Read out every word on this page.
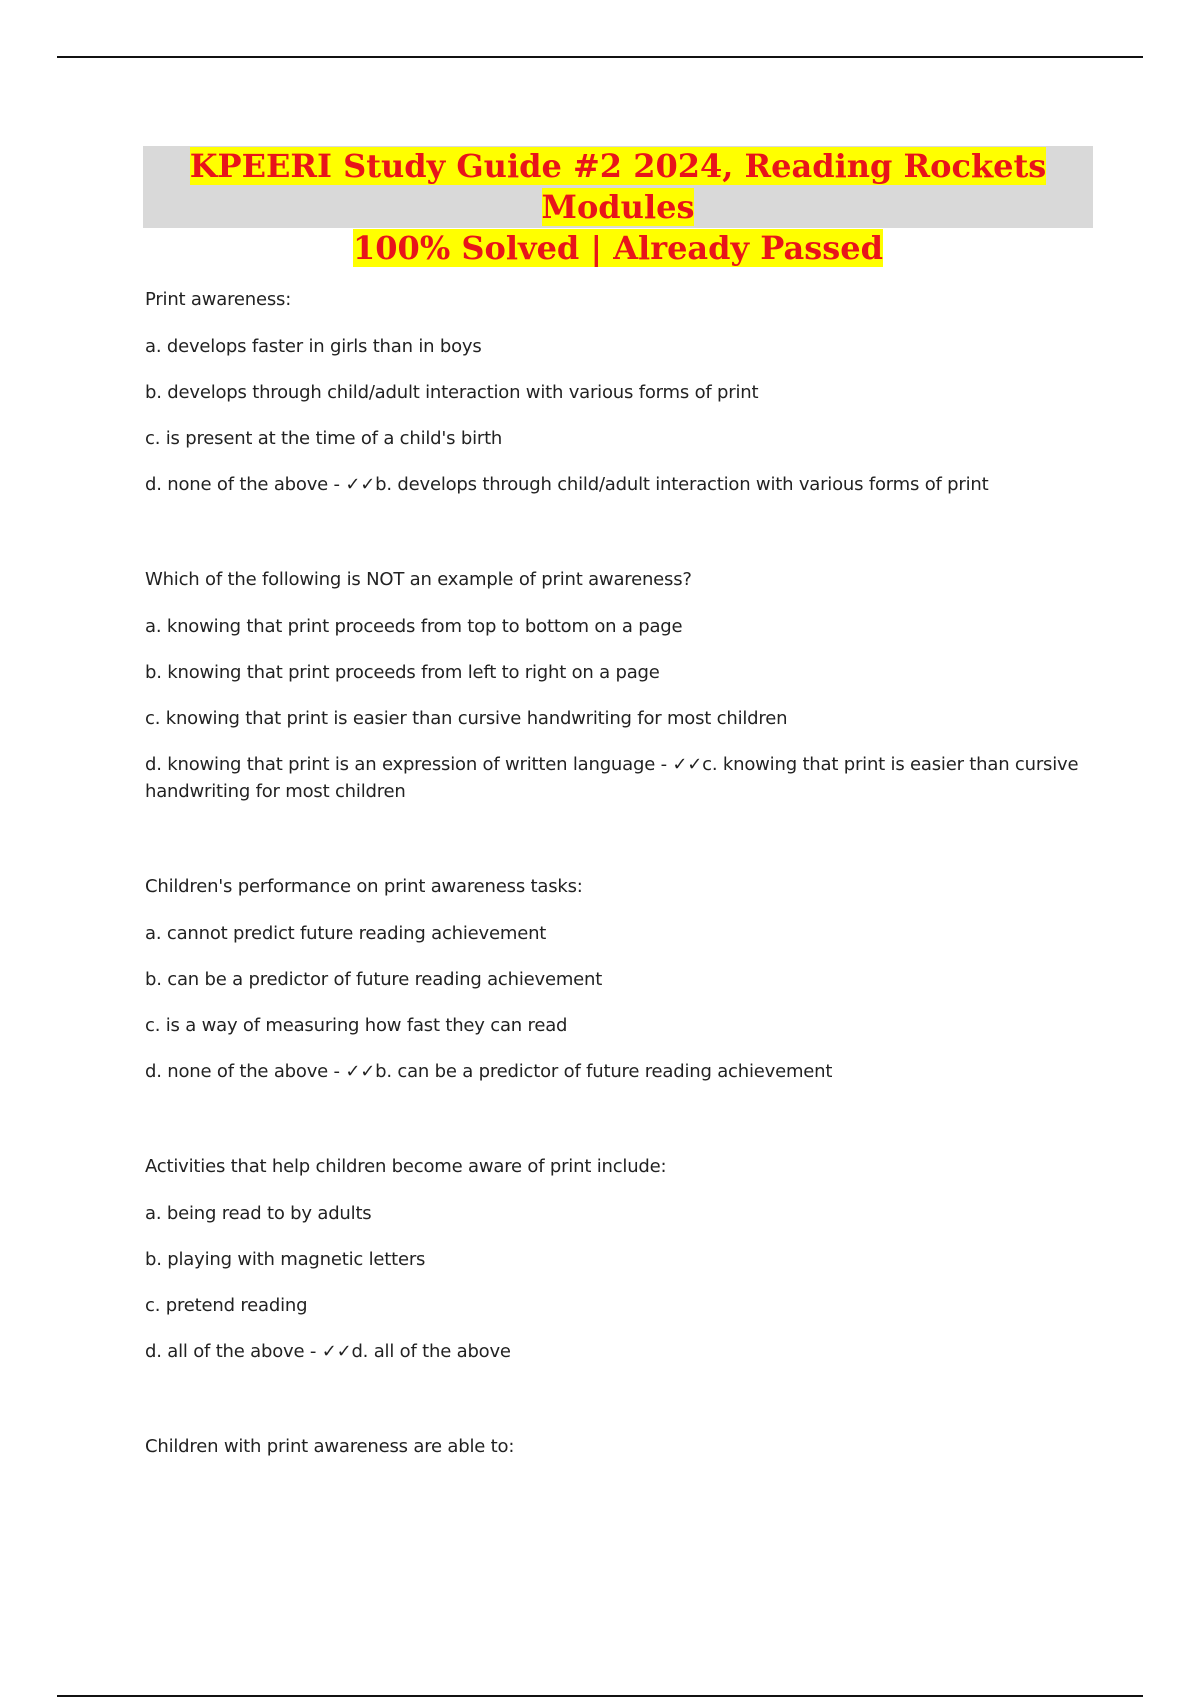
KPEERI Study Guide #2 2024, Reading Rockets Modules
100% Solved | Already Passed
Print awareness:
a. develops faster in girls than in boys
b. develops through child/adult interaction with various forms of print
c. is present at the time of a child's birth
d. none of the above - ✓✓b. develops through child/adult interaction with various forms of print
Which of the following is NOT an example of print awareness?
a. knowing that print proceeds from top to bottom on a page
b. knowing that print proceeds from left to right on a page
c. knowing that print is easier than cursive handwriting for most children
d. knowing that print is an expression of written language - ✓✓c. knowing that print is easier than cursive handwriting for most children
Children's performance on print awareness tasks:
a. cannot predict future reading achievement
b. can be a predictor of future reading achievement
c. is a way of measuring how fast they can read
d. none of the above - ✓✓b. can be a predictor of future reading achievement
Activities that help children become aware of print include:
a. being read to by adults
b. playing with magnetic letters
c. pretend reading
d. all of the above - ✓✓d. all of the above
Children with print awareness are able to:
